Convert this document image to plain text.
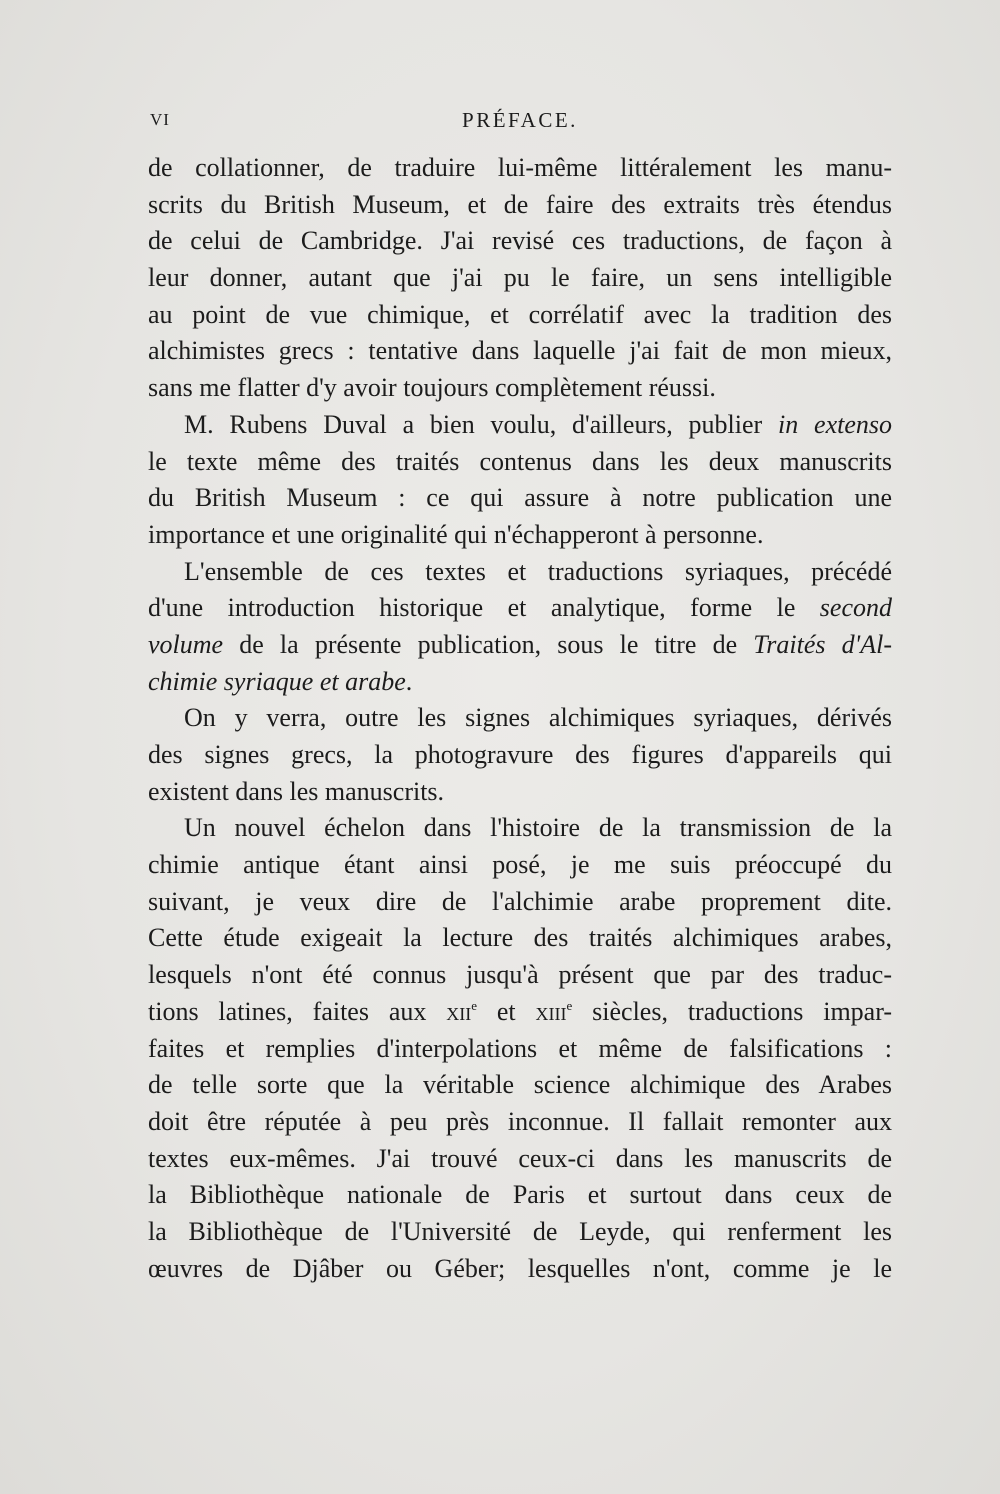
VI	PRÉFACE.
de collationner, de traduire lui-même littéralement les manu-
scrits du British Museum, et de faire des extraits très étendus
de celui de Cambridge. J'ai revisé ces traductions, de façon à
leur donner, autant que j'ai pu le faire, un sens intelligible
au point de vue chimique, et corrélatif avec la tradition des
alchimistes grecs : tentative dans laquelle j'ai fait de mon mieux,
sans me flatter d'y avoir toujours complètement réussi.
M. Rubens Duval a bien voulu, d'ailleurs, publier in extenso
le texte même des traités contenus dans les deux manuscrits
du British Museum : ce qui assure à notre publication une
importance et une originalité qui n'échapperont à personne.
L'ensemble de ces textes et traductions syriaques, précédé
d'une introduction historique et analytique, forme le second
volume de la présente publication, sous le titre de Traités d'Al-
chimie syriaque et arabe.
On y verra, outre les signes alchimiques syriaques, dérivés
des signes grecs, la photogravure des figures d'appareils qui
existent dans les manuscrits.
Un nouvel échelon dans l'histoire de la transmission de la
chimie antique étant ainsi posé, je me suis préoccupé du
suivant, je veux dire de l'alchimie arabe proprement dite.
Cette étude exigeait la lecture des traités alchimiques arabes,
lesquels n'ont été connus jusqu'à présent que par des traduc-
tions latines, faites aux xii$^e$ et xiii$^e$ siècles, traductions impar-
faites et remplies d'interpolations et même de falsifications :
de telle sorte que la véritable science alchimique des Arabes
doit être réputée à peu près inconnue. Il fallait remonter aux
textes eux-mêmes. J'ai trouvé ceux-ci dans les manuscrits de
la Bibliothèque nationale de Paris et surtout dans ceux de
la Bibliothèque de l'Université de Leyde, qui renferment les
œuvres de Djâber ou Géber; lesquelles n'ont, comme je le
